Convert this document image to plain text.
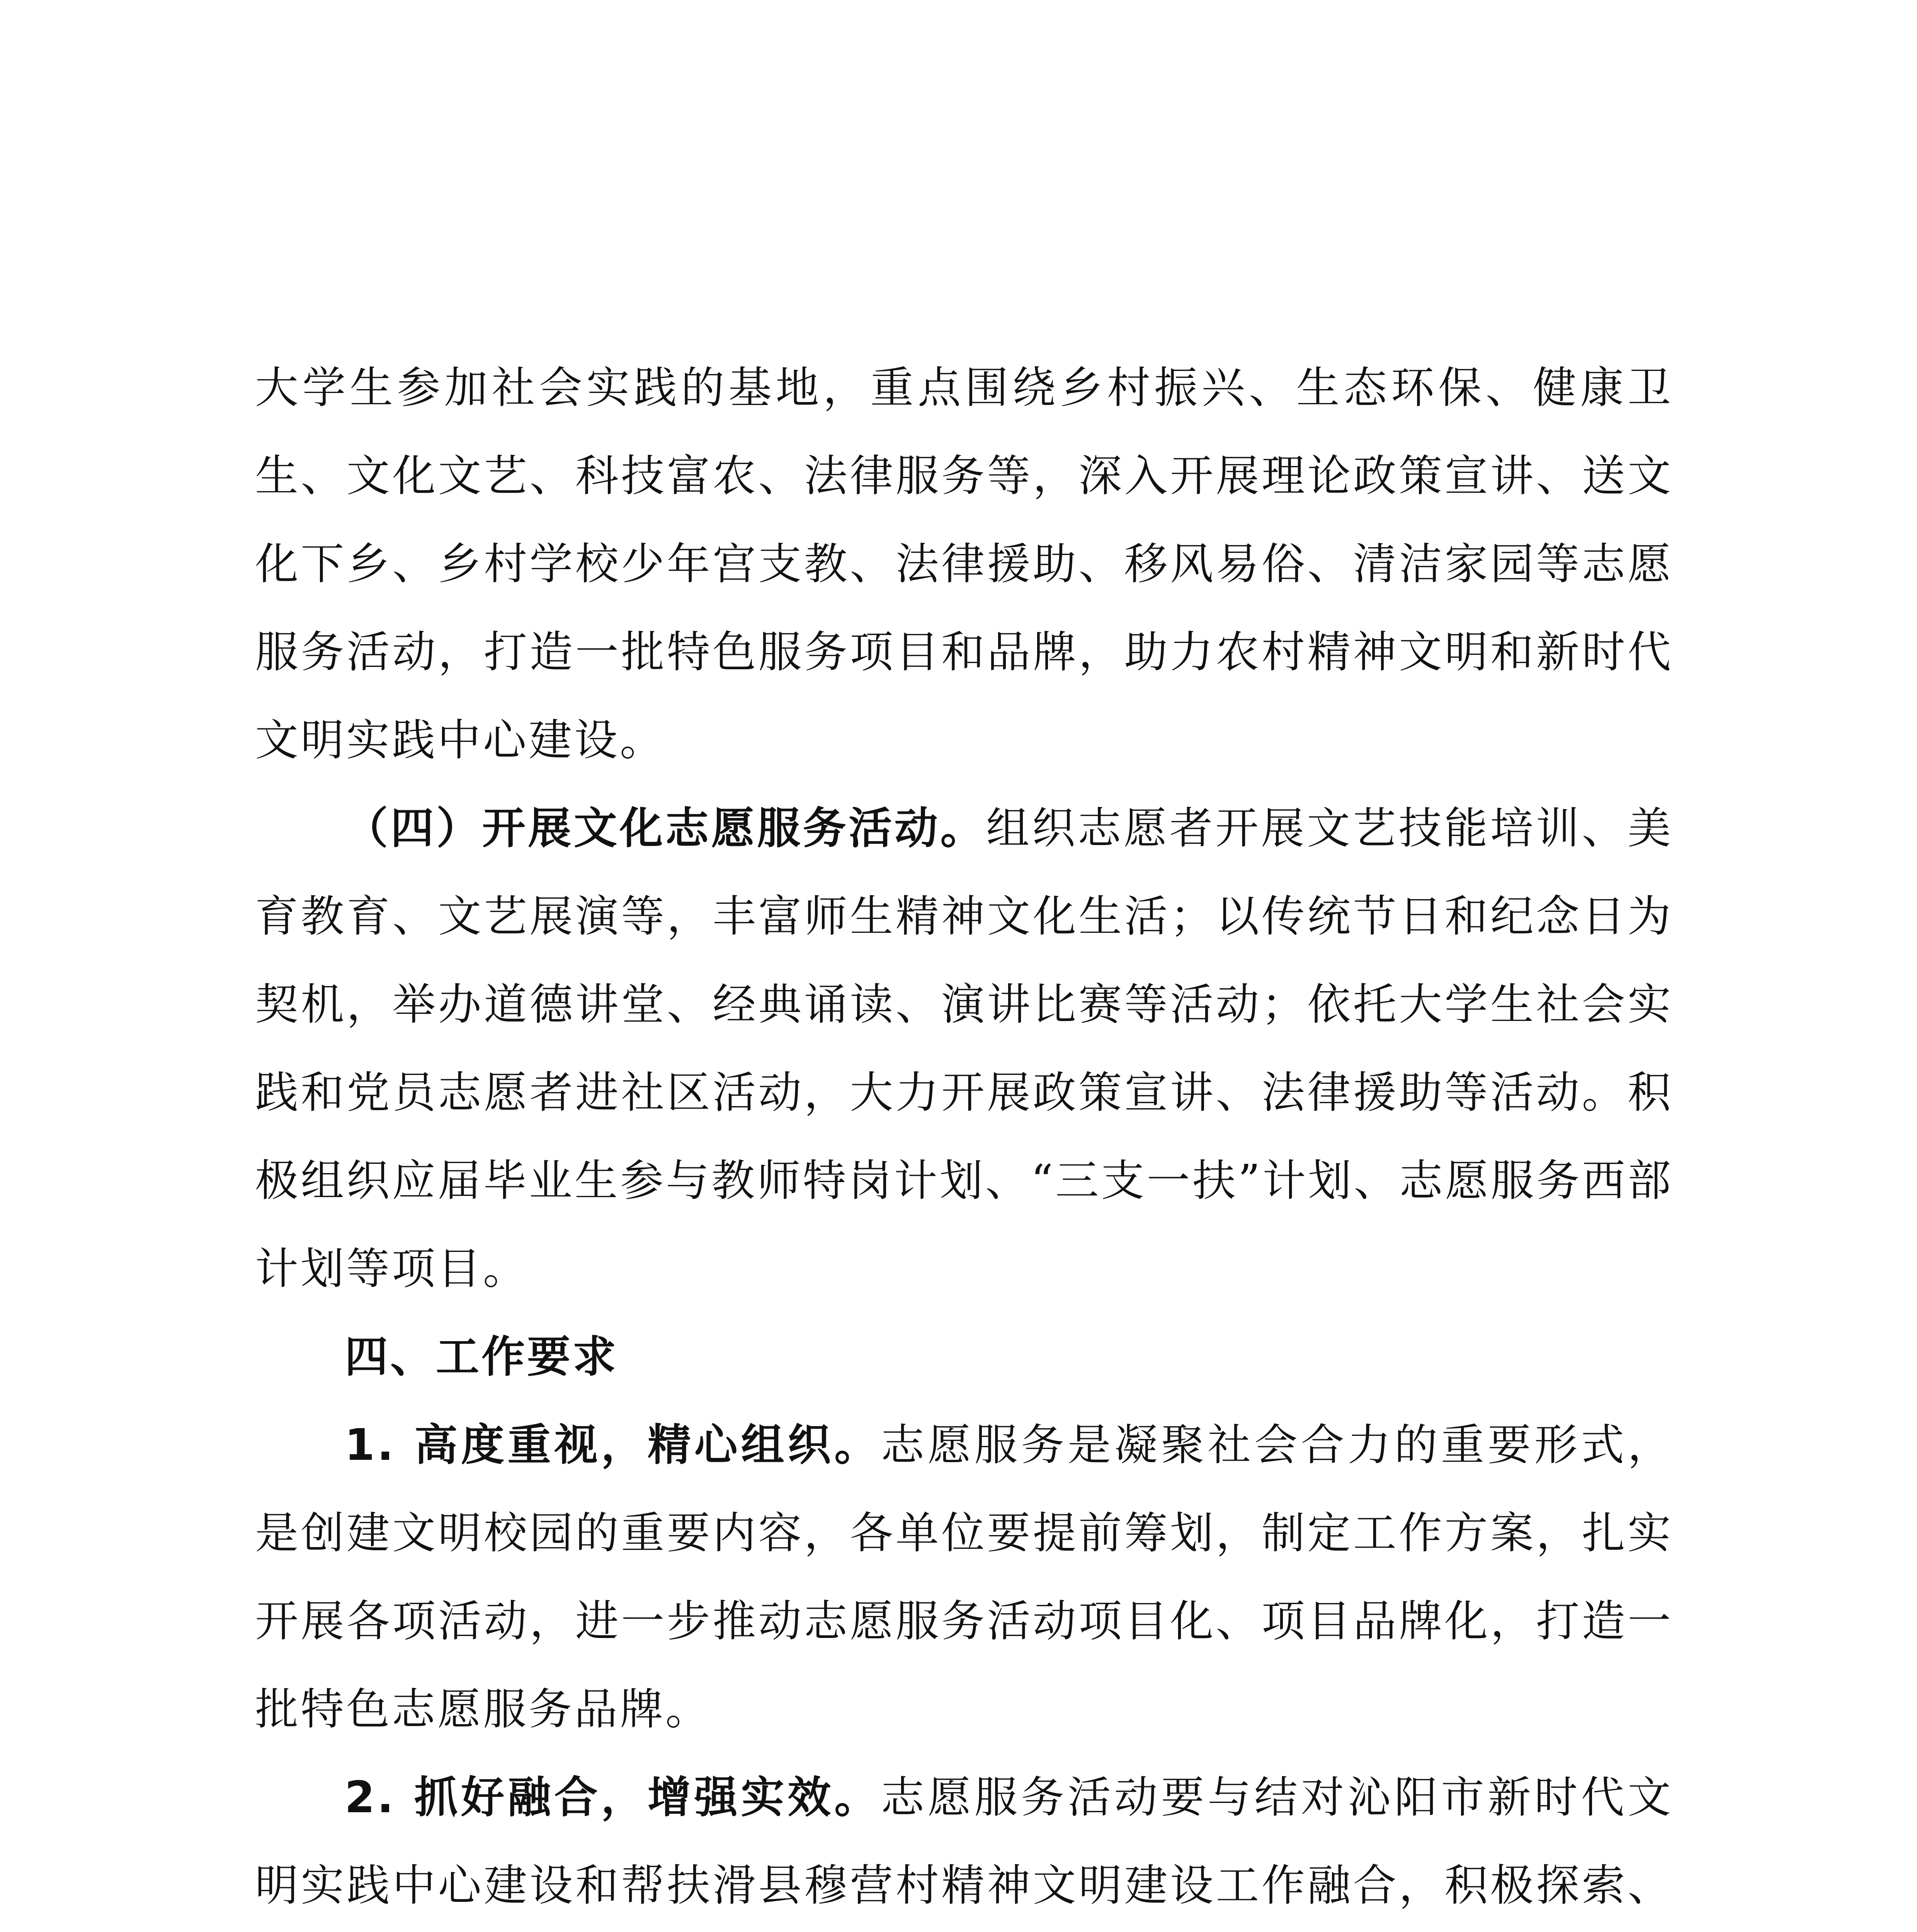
大学生参加社会实践的基地，重点围绕乡村振兴、生态环保、健康卫生、文化文艺、科技富农、法律服务等，深入开展理论政策宣讲、送文化下乡、乡村学校少年宫支教、法律援助、移风易俗、清洁家园等志愿服务活动，打造一批特色服务项目和品牌，助力农村精神文明和新时代文明实践中心建设。

（四）开展文化志愿服务活动。组织志愿者开展文艺技能培训、美育教育、文艺展演等，丰富师生精神文化生活；以传统节日和纪念日为契机，举办道德讲堂、经典诵读、演讲比赛等活动；依托大学生社会实践和党员志愿者进社区活动，大力开展政策宣讲、法律援助等活动。积极组织应届毕业生参与教师特岗计划、“三支一扶”计划、志愿服务西部计划等项目。

四、工作要求

1. 高度重视，精心组织。志愿服务是凝聚社会合力的重要形式，是创建文明校园的重要内容，各单位要提前筹划，制定工作方案，扎实开展各项活动，进一步推动志愿服务活动项目化、项目品牌化，打造一批特色志愿服务品牌。

2. 抓好融合，增强实效。志愿服务活动要与结对沁阳市新时代文明实践中心建设和帮扶滑县穆营村精神文明建设工作融合，积极探索、
